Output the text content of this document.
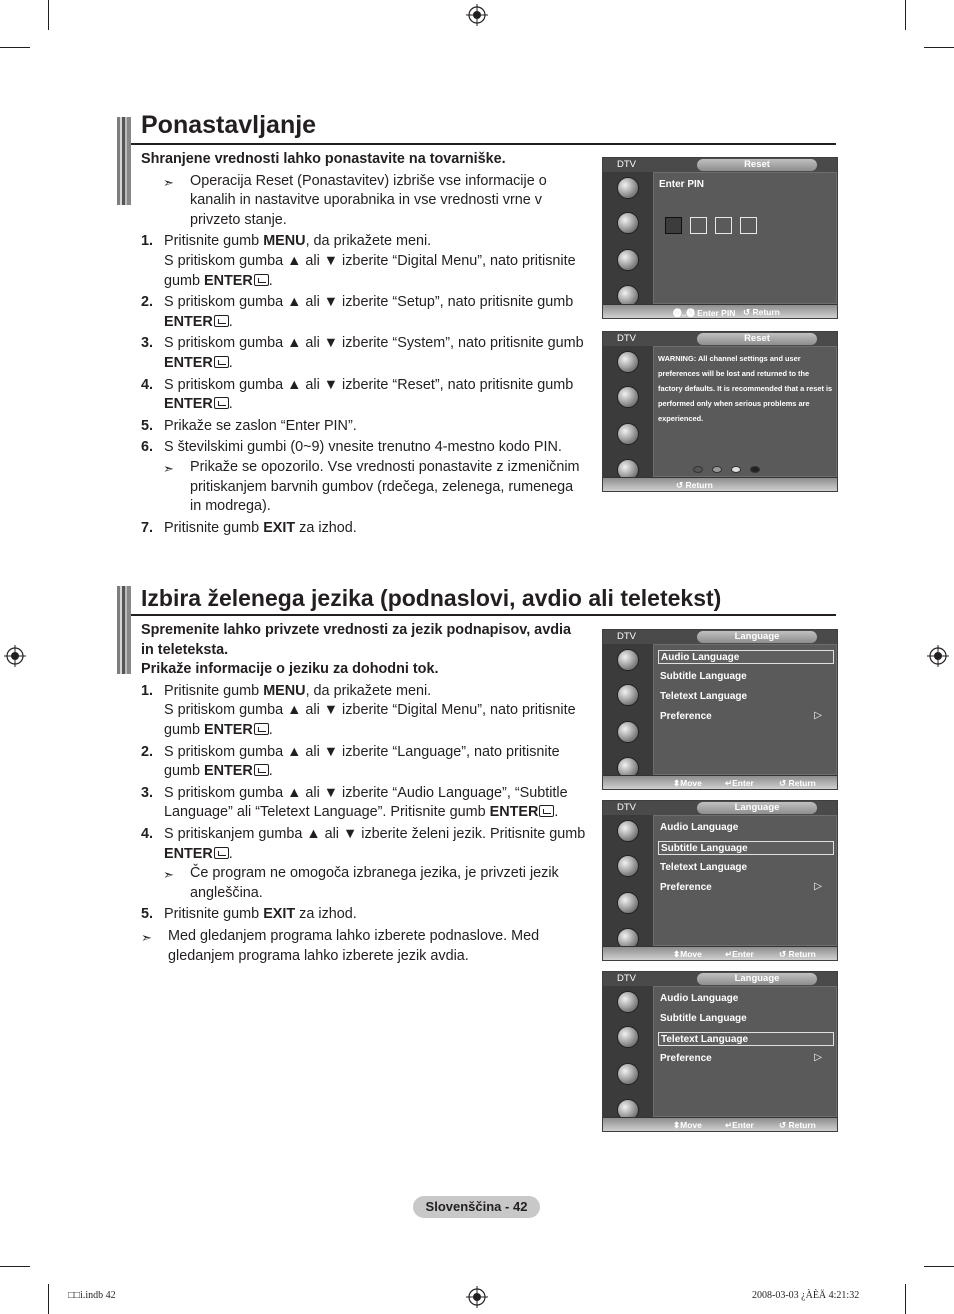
Ponastavljanje
Shranjene vrednosti lahko ponastavite na tovarniške.
➣	Operacija Reset (Ponastavitev) izbriše vse informacije o kanalih in nastavitve uporabnika in vse vrednosti vrne v privzeto stanje.
1. Pritisnite gumb MENU, da prikažete meni.
S pritiskom gumba ▲ ali ▼ izberite “Digital Menu”, nato pritisnite gumb ENTER .
2. S pritiskom gumba ▲ ali ▼ izberite “Setup”, nato pritisnite gumb ENTER .
3. S pritiskom gumba ▲ ali ▼ izberite “System”, nato pritisnite gumb ENTER .
4. S pritiskom gumba ▲ ali ▼ izberite “Reset”, nato pritisnite gumb ENTER .
5. Prikaže se zaslon “Enter PIN”.
6. S številskimi gumbi (0~9) vnesite trenutno 4-mestno kodo PIN.
➣	Prikaže se opozorilo. Vse vrednosti ponastavite z izmeničnim pritiskanjem barvnih gumbov (rdečega, zelenega, rumenega in modrega).
7. Pritisnite gumb EXIT za izhod.
DTV	Reset
Enter PIN
⓿..❾ Enter PIN ↺ Return
DTV	Reset
WARNING: All channel settings and user preferences will be lost and returned to the factory defaults. It is recommended that a reset is performed only when serious problems are experienced.
↺ Return
Izbira želenega jezika (podnaslovi, avdio ali teletekst)
Spremenite lahko privzete vrednosti za jezik podnapisov, avdia in teleteksta.
Prikaže informacije o jeziku za dohodni tok.
1. Pritisnite gumb MENU, da prikažete meni.
S pritiskom gumba ▲ ali ▼ izberite “Digital Menu”, nato pritisnite gumb ENTER .
2. S pritiskom gumba ▲ ali ▼ izberite “Language”, nato pritisnite gumb ENTER .
3. S pritiskom gumba ▲ ali ▼ izberite “Audio Language”, “Subtitle Language” ali “Teletext Language”. Pritisnite gumb ENTER .
4. S pritiskanjem gumba ▲ ali ▼ izberite želeni jezik. Pritisnite gumb ENTER .
➣	Če program ne omogoča izbranega jezika, je privzeti jezik angleščina.
5. Pritisnite gumb EXIT za izhod.
➣	Med gledanjem programa lahko izberete podnaslove. Med gledanjem programa lahko izberete jezik avdia.
DTV	Language
Audio Language
Subtitle Language
Teletext Language
Preference	▷
⬍Move	↵Enter	↺ Return
DTV	Language
Audio Language
Subtitle Language
Teletext Language
Preference	▷
⬍Move	↵Enter	↺ Return
DTV	Language
Audio Language
Subtitle Language
Teletext Language
Preference	▷
⬍Move	↵Enter	↺ Return
Slovenščina - 42
□□i.indb 42	2008-03-03 ¿ÀÈÄ 4:21:32
